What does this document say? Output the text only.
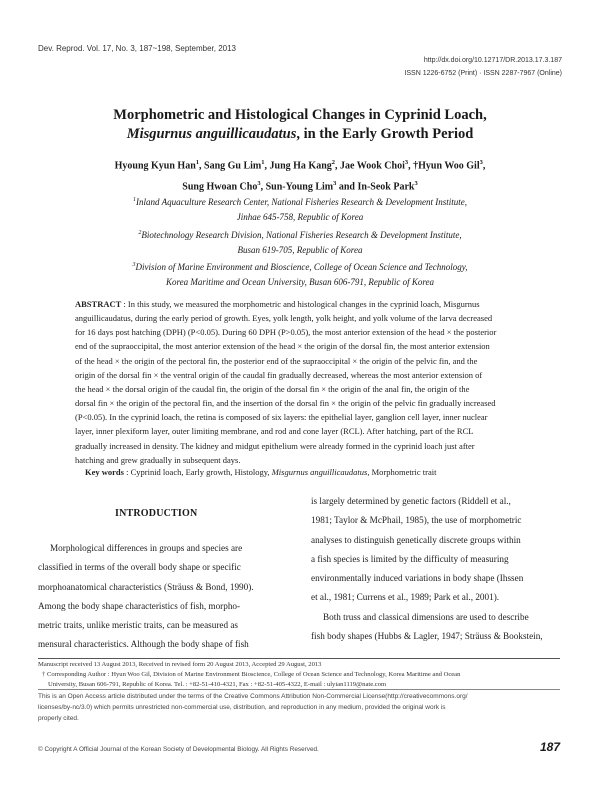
Dev. Reprod. Vol. 17, No. 3, 187~198, September, 2013
http://dx.doi.org/10.12717/DR.2013.17.3.187
ISSN 1226-6752 (Print) · ISSN 2287-7967 (Online)
Morphometric and Histological Changes in Cyprinid Loach,
Misgurnus anguillicaudatus, in the Early Growth Period
Hyoung Kyun Han$^1$, Sang Gu Lim$^1$, Jung Ha Kang$^2$, Jae Wook Choi$^3$, †Hyun Woo Gil$^3$,
Sung Hwoan Cho$^3$, Sun-Young Lim$^3$ and In-Seok Park$^3$
$^1$Inland Aquaculture Research Center, National Fisheries Research & Development Institute,
Jinhae 645-758, Republic of Korea
$^2$Biotechnology Research Division, National Fisheries Research & Development Institute,
Busan 619-705, Republic of Korea
$^3$Division of Marine Environment and Bioscience, College of Ocean Science and Technology,
Korea Maritime and Ocean University, Busan 606-791, Republic of Korea
ABSTRACT : In this study, we measured the morphometric and histological changes in the cyprinid loach, Misgurnus
anguillicaudatus, during the early period of growth. Eyes, yolk length, yolk height, and yolk volume of the larva decreased
for 16 days post hatching (DPH) (P<0.05). During 60 DPH (P>0.05), the most anterior extension of the head × the posterior
end of the supraoccipital, the most anterior extension of the head × the origin of the dorsal fin, the most anterior extension
of the head × the origin of the pectoral fin, the posterior end of the supraoccipital × the origin of the pelvic fin, and the
origin of the dorsal fin × the ventral origin of the caudal fin gradually decreased, whereas the most anterior extension of
the head × the dorsal origin of the caudal fin, the origin of the dorsal fin × the origin of the anal fin, the origin of the
dorsal fin × the origin of the pectoral fin, and the insertion of the dorsal fin × the origin of the pelvic fin gradually increased
(P<0.05). In the cyprinid loach, the retina is composed of six layers: the epithelial layer, ganglion cell layer, inner nuclear
layer, inner plexiform layer, outer limiting membrane, and rod and cone layer (RCL). After hatching, part of the RCL
gradually increased in density. The kidney and midgut epithelium were already formed in the cyprinid loach just after
hatching and grew gradually in subsequent days.
Key words : Cyprinid loach, Early growth, Histology, Misgurnus anguillicaudatus, Morphometric trait
INTRODUCTION
Morphological differences in groups and species are
classified in terms of the overall body shape or specific
morphoanatomical characteristics (Sträuss & Bond, 1990).
Among the body shape characteristics of fish, morpho-
metric traits, unlike meristic traits, can be measured as
mensural characteristics. Although the body shape of fish
is largely determined by genetic factors (Riddell et al.,
1981; Taylor & McPhail, 1985), the use of morphometric
analyses to distinguish genetically discrete groups within
a fish species is limited by the difficulty of measuring
environmentally induced variations in body shape (Ihssen
et al., 1981; Currens et al., 1989; Park et al., 2001).
Both truss and classical dimensions are used to describe
fish body shapes (Hubbs & Lagler, 1947; Sträuss & Bookstein,
Manuscript received 13 August 2013, Received in revised form 20 August 2013, Accepted 29 August, 2013
† Corresponding Author : Hyun Woo Gil, Division of Marine Environment Bioscience, College of Ocean Science and Technology, Korea Maritime and Ocean
University, Busan 606-791, Republic of Korea. Tel. : +82-51-410-4321, Fax : +82-51-405-4322, E-mail : ulyian1119@nate.com
This is an Open Access article distributed under the terms of the Creative Commons Attribution Non-Commercial License(http://creativecommons.org/
licenses/by-nc/3.0) which permits unrestricted non-commercial use, distribution, and reproduction in any medium, provided the original work is
properly cited.
© Copyright A Official Journal of the Korean Society of Developmental Biology. All Rights Reserved.	187
